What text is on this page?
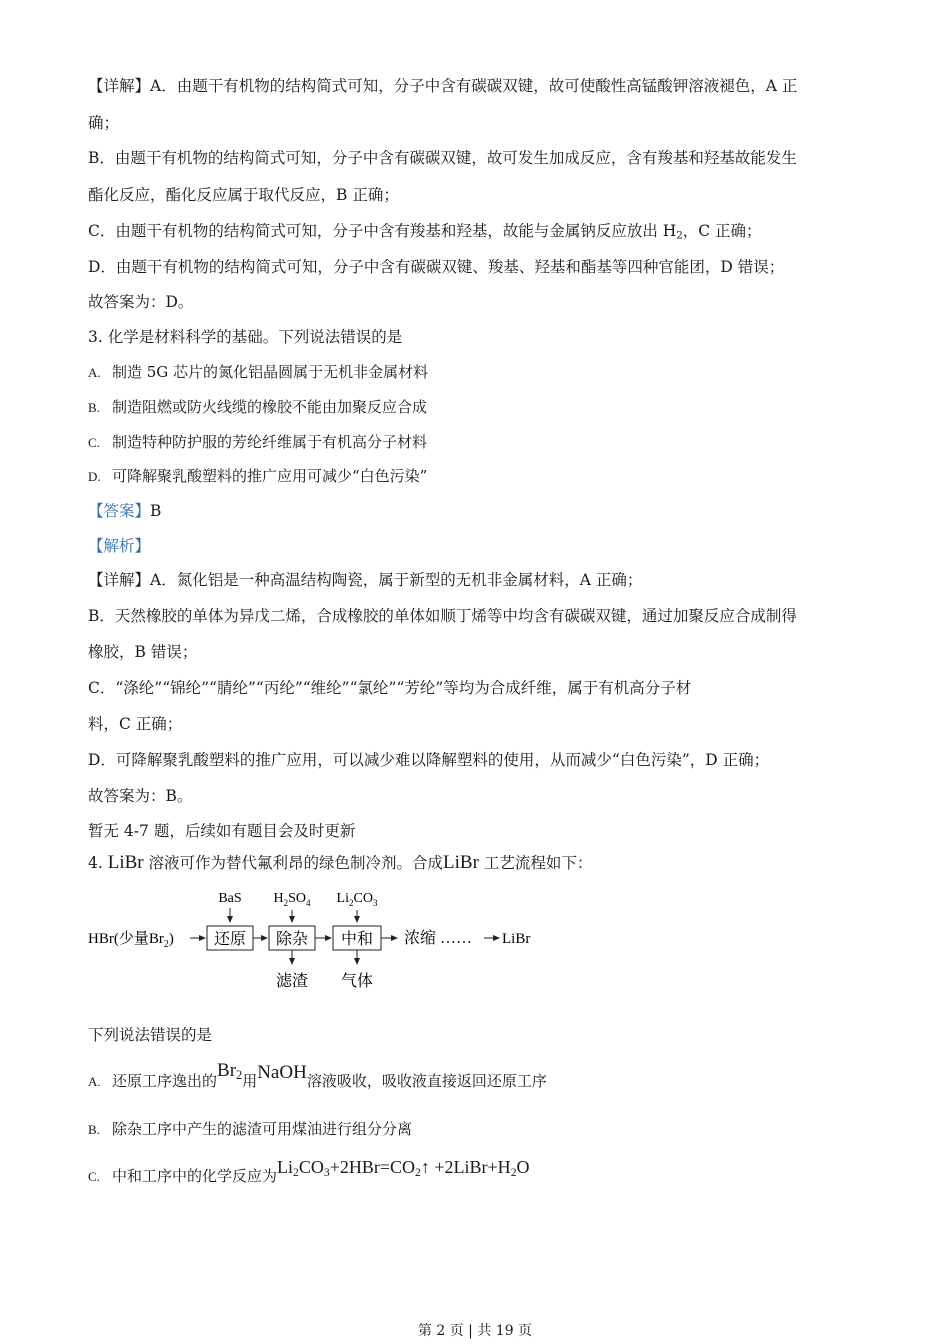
【详解】A．由题干有机物的结构简式可知，分子中含有碳碳双键，故可使酸性高锰酸钾溶液褪色，A 正
确；
B．由题干有机物的结构简式可知，分子中含有碳碳双键，故可发生加成反应，含有羧基和羟基故能发生
酯化反应，酯化反应属于取代反应，B 正确；
C．由题干有机物的结构简式可知，分子中含有羧基和羟基，故能与金属钠反应放出 $H_2$，C 正确；
D．由题干有机物的结构简式可知，分子中含有碳碳双键、羧基、羟基和酯基等四种官能团，D 错误；
故答案为：D。
3. 化学是材料科学的基础。下列说法错误的是
A. 制造 5G 芯片的氮化铝晶圆属于无机非金属材料
B. 制造阻燃或防火线缆的橡胶不能由加聚反应合成
C. 制造特种防护服的芳纶纤维属于有机高分子材料
D. 可降解聚乳酸塑料的推广应用可减少“白色污染”
【答案】B
【解析】
【详解】A．氮化铝是一种高温结构陶瓷，属于新型的无机非金属材料，A 正确；
B．天然橡胶的单体为异戊二烯，合成橡胶的单体如顺丁烯等中均含有碳碳双键，通过加聚反应合成制得
橡胶，B 错误；
C．“涤纶”“锦纶”“腈纶”“丙纶”“维纶”“氯纶”“芳纶”等均为合成纤维，属于有机高分子材
料，C 正确；
D．可降解聚乳酸塑料的推广应用，可以减少难以降解塑料的使用，从而减少“白色污染”，D 正确；
故答案为：B。
暂无 4-7 题，后续如有题目会及时更新
4. LiBr 溶液可作为替代氟利昂的绿色制冷剂。合成LiBr 工艺流程如下：
BaS $H_2SO_4$ $Li_2CO_3$
HBr(少量$Br_2$)	还原 除杂 中和 浓缩 …… LiBr
滤渣 气体
下列说法错误的是
A. 还原工序逸出的$Br_2$用NaOH溶液吸收，吸收液直接返回还原工序
B. 除杂工序中产生的滤渣可用煤油进行组分分离
C. 中和工序中的化学反应为$Li_2CO_3+2HBr=CO_2↑$ $+2LiBr+H_2O$
第 2 页 | 共 19 页
